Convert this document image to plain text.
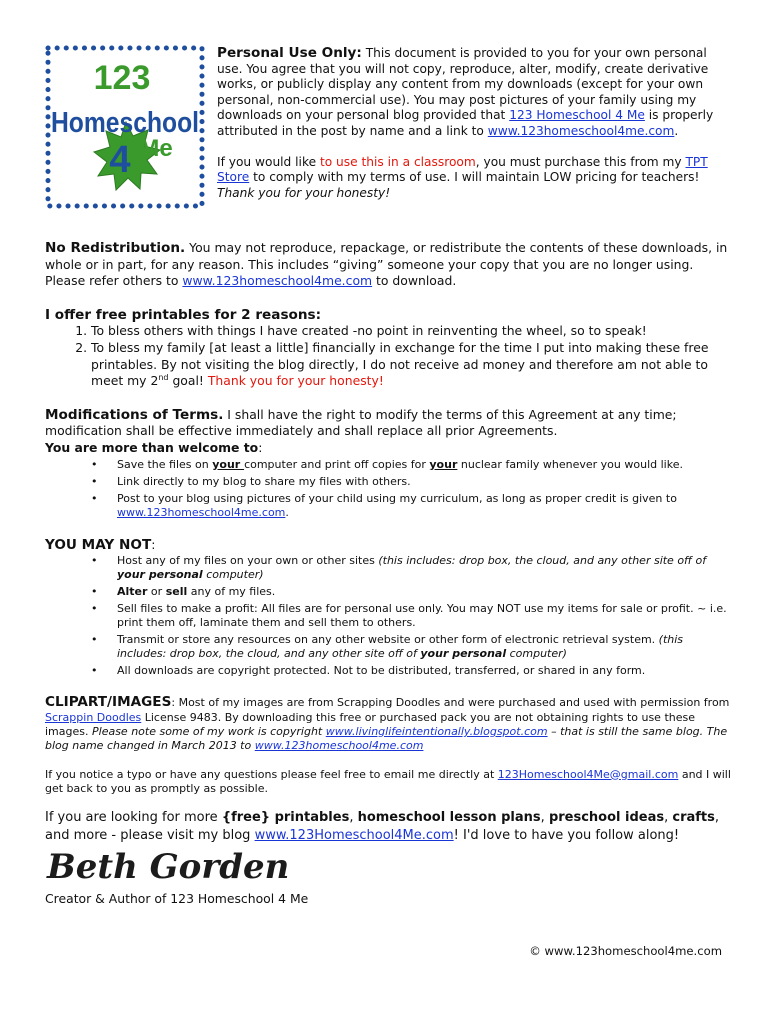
123
Homeschool
4 Me

Personal Use Only: This document is provided to you for your own personal use. You agree that you will not copy, reproduce, alter, modify, create derivative works, or publicly display any content from my downloads (except for your own personal, non-commercial use). You may post pictures of your family using my downloads on your personal blog provided that 123 Homeschool 4 Me is properly attributed in the post by name and a link to www.123homeschool4me.com.

If you would like to use this in a classroom, you must purchase this from my TPT Store to comply with my terms of use. I will maintain LOW pricing for teachers! Thank you for your honesty!

No Redistribution. You may not reproduce, repackage, or redistribute the contents of these downloads, in whole or in part, for any reason. This includes “giving” someone your copy that you are no longer using. Please refer others to www.123homeschool4me.com to download.

I offer free printables for 2 reasons:

1. To bless others with things I have created -no point in reinventing the wheel, so to speak!
2. To bless my family [at least a little] financially in exchange for the time I put into making these free printables. By not visiting the blog directly, I do not receive ad money and therefore am not able to meet my 2nd goal! Thank you for your honesty!

Modifications of Terms. I shall have the right to modify the terms of this Agreement at any time; modification shall be effective immediately and shall replace all prior Agreements.

You are more than welcome to:

• Save the files on your computer and print off copies for your nuclear family whenever you would like.
• Link directly to my blog to share my files with others.
• Post to your blog using pictures of your child using my curriculum, as long as proper credit is given to www.123homeschool4me.com.

YOU MAY NOT:

• Host any of my files on your own or other sites (this includes: drop box, the cloud, and any other site off of your personal computer)
• Alter or sell any of my files.
• Sell files to make a profit: All files are for personal use only. You may NOT use my items for sale or profit. ~ i.e. print them off, laminate them and sell them to others.
• Transmit or store any resources on any other website or other form of electronic retrieval system. (this includes: drop box, the cloud, and any other site off of your personal computer)
• All downloads are copyright protected. Not to be distributed, transferred, or shared in any form.

CLIPART/IMAGES: Most of my images are from Scrapping Doodles and were purchased and used with permission from Scrappin Doodles License 9483. By downloading this free or purchased pack you are not obtaining rights to use these images. Please note some of my work is copyright www.livinglifeintentionally.blogspot.com – that is still the same blog. The blog name changed in March 2013 to www.123homeschool4me.com

If you notice a typo or have any questions please feel free to email me directly at 123Homeschool4Me@gmail.com and I will get back to you as promptly as possible.

If you are looking for more {free} printables, homeschool lesson plans, preschool ideas, crafts, and more - please visit my blog www.123Homeschool4Me.com! I'd love to have you follow along!

Beth Gorden

Creator & Author of 123 Homeschool 4 Me

© www.123homeschool4me.com
